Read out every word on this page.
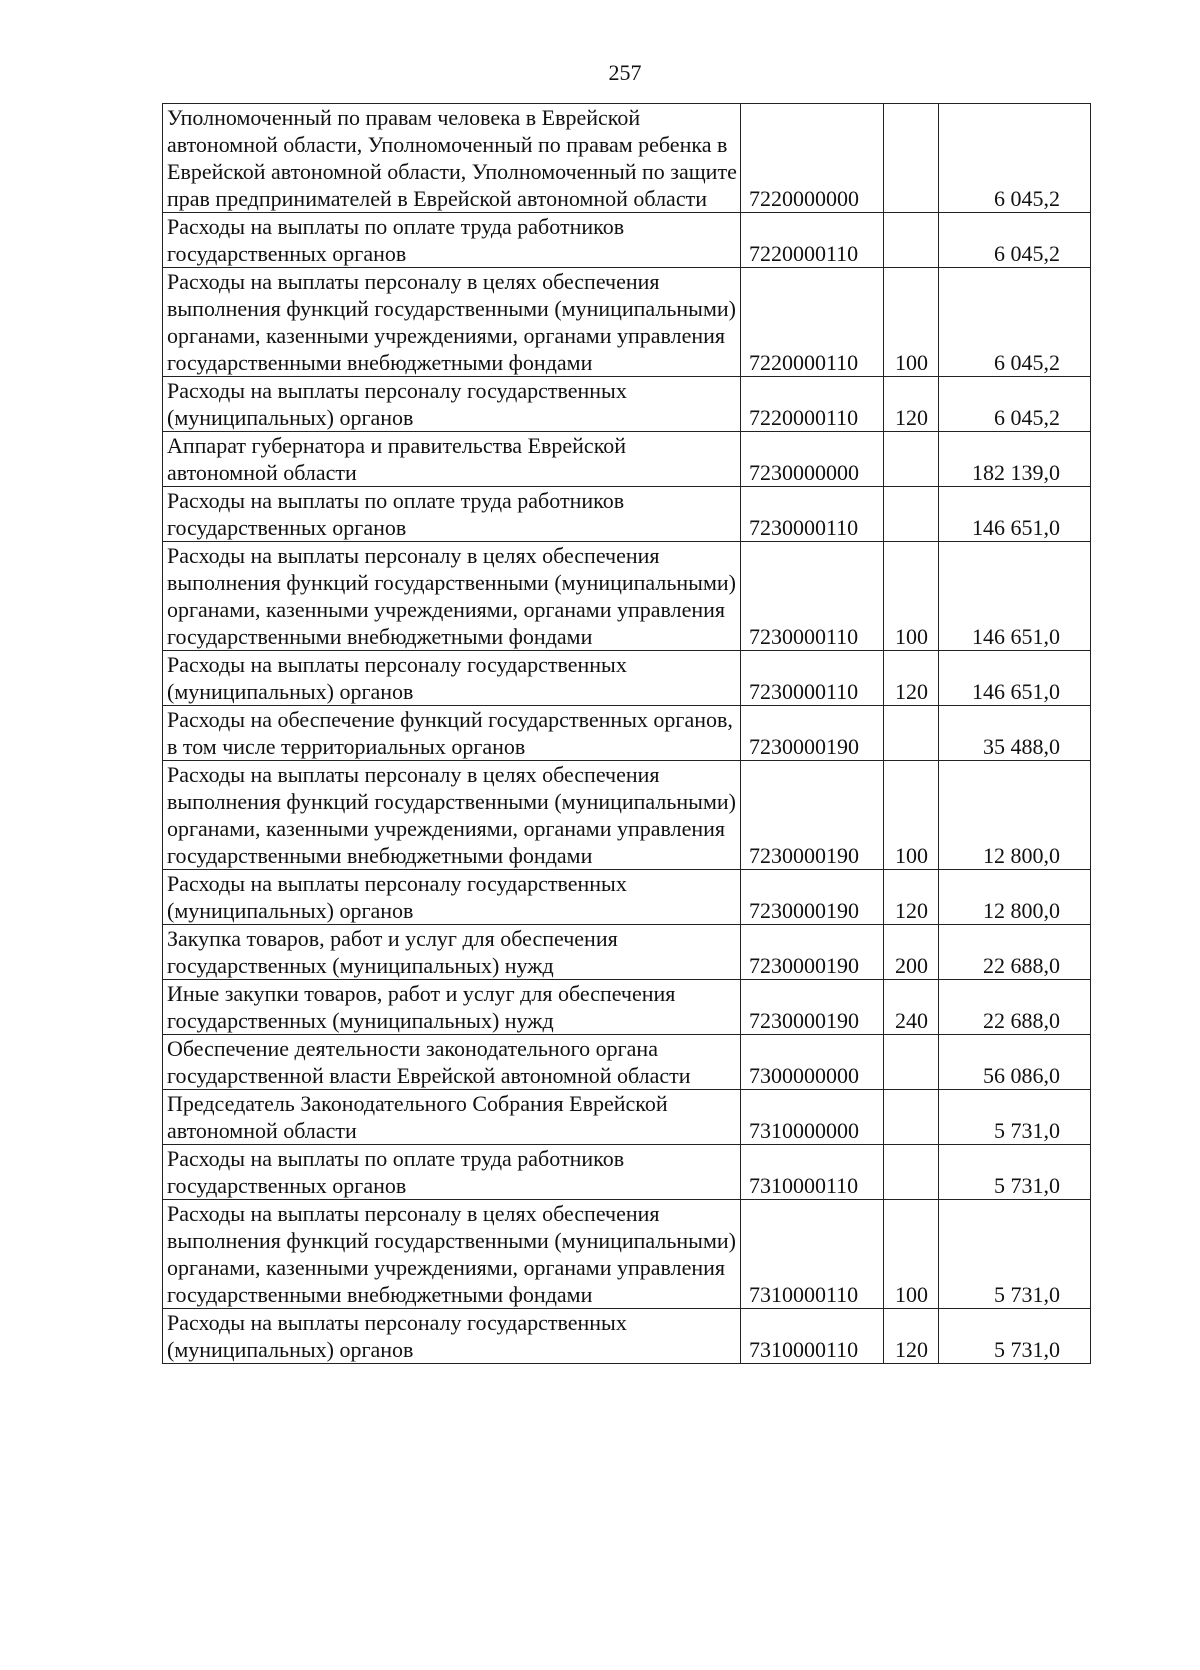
257
Уполномоченный по правам человека в Еврейской автономной области, Уполномоченный по правам ребенка в Еврейской автономной области, Уполномоченный по защите прав предпринимателей в Еврейской автономной области	7220000000		6 045,2
Расходы на выплаты по оплате труда работников государственных органов	7220000110		6 045,2
Расходы на выплаты персоналу в целях обеспечения выполнения функций государственными (муниципальными) органами, казенными учреждениями, органами управления государственными внебюджетными фондами	7220000110	100	6 045,2
Расходы на выплаты персоналу государственных (муниципальных) органов	7220000110	120	6 045,2
Аппарат губернатора и правительства Еврейской автономной области	7230000000		182 139,0
Расходы на выплаты по оплате труда работников государственных органов	7230000110		146 651,0
Расходы на выплаты персоналу в целях обеспечения выполнения функций государственными (муниципальными) органами, казенными учреждениями, органами управления государственными внебюджетными фондами	7230000110	100	146 651,0
Расходы на выплаты персоналу государственных (муниципальных) органов	7230000110	120	146 651,0
Расходы на обеспечение функций государственных органов, в том числе территориальных органов	7230000190		35 488,0
Расходы на выплаты персоналу в целях обеспечения выполнения функций государственными (муниципальными) органами, казенными учреждениями, органами управления государственными внебюджетными фондами	7230000190	100	12 800,0
Расходы на выплаты персоналу государственных (муниципальных) органов	7230000190	120	12 800,0
Закупка товаров, работ и услуг для обеспечения государственных (муниципальных) нужд	7230000190	200	22 688,0
Иные закупки товаров, работ и услуг для обеспечения государственных (муниципальных) нужд	7230000190	240	22 688,0
Обеспечение деятельности законодательного органа государственной власти Еврейской автономной области	7300000000		56 086,0
Председатель Законодательного Собрания Еврейской автономной области	7310000000		5 731,0
Расходы на выплаты по оплате труда работников государственных органов	7310000110		5 731,0
Расходы на выплаты персоналу в целях обеспечения выполнения функций государственными (муниципальными) органами, казенными учреждениями, органами управления государственными внебюджетными фондами	7310000110	100	5 731,0
Расходы на выплаты персоналу государственных (муниципальных) органов	7310000110	120	5 731,0
